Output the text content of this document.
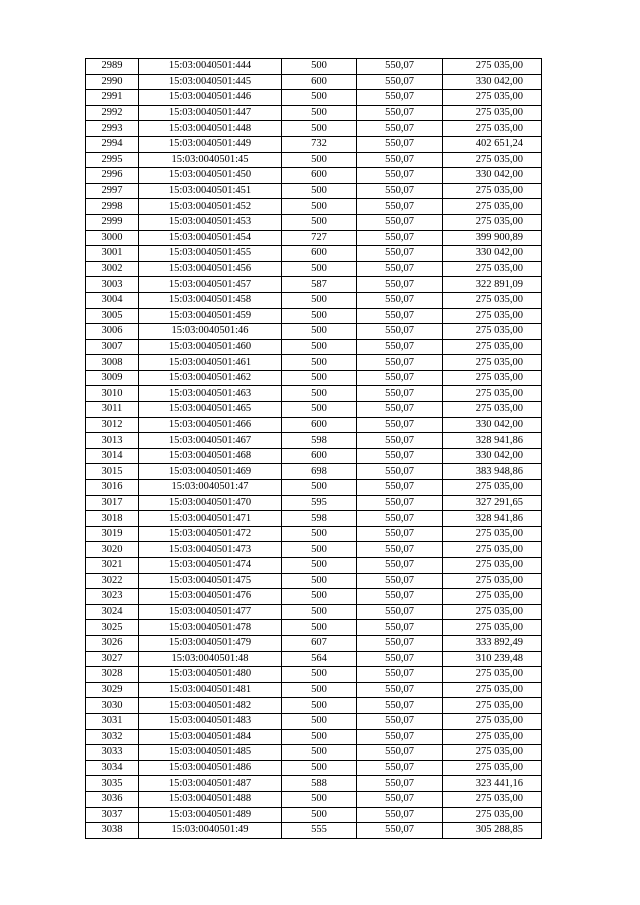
2989	15:03:0040501:444	500	550,07	275 035,00
2990	15:03:0040501:445	600	550,07	330 042,00
2991	15:03:0040501:446	500	550,07	275 035,00
2992	15:03:0040501:447	500	550,07	275 035,00
2993	15:03:0040501:448	500	550,07	275 035,00
2994	15:03:0040501:449	732	550,07	402 651,24
2995	15:03:0040501:45	500	550,07	275 035,00
2996	15:03:0040501:450	600	550,07	330 042,00
2997	15:03:0040501:451	500	550,07	275 035,00
2998	15:03:0040501:452	500	550,07	275 035,00
2999	15:03:0040501:453	500	550,07	275 035,00
3000	15:03:0040501:454	727	550,07	399 900,89
3001	15:03:0040501:455	600	550,07	330 042,00
3002	15:03:0040501:456	500	550,07	275 035,00
3003	15:03:0040501:457	587	550,07	322 891,09
3004	15:03:0040501:458	500	550,07	275 035,00
3005	15:03:0040501:459	500	550,07	275 035,00
3006	15:03:0040501:46	500	550,07	275 035,00
3007	15:03:0040501:460	500	550,07	275 035,00
3008	15:03:0040501:461	500	550,07	275 035,00
3009	15:03:0040501:462	500	550,07	275 035,00
3010	15:03:0040501:463	500	550,07	275 035,00
3011	15:03:0040501:465	500	550,07	275 035,00
3012	15:03:0040501:466	600	550,07	330 042,00
3013	15:03:0040501:467	598	550,07	328 941,86
3014	15:03:0040501:468	600	550,07	330 042,00
3015	15:03:0040501:469	698	550,07	383 948,86
3016	15:03:0040501:47	500	550,07	275 035,00
3017	15:03:0040501:470	595	550,07	327 291,65
3018	15:03:0040501:471	598	550,07	328 941,86
3019	15:03:0040501:472	500	550,07	275 035,00
3020	15:03:0040501:473	500	550,07	275 035,00
3021	15:03:0040501:474	500	550,07	275 035,00
3022	15:03:0040501:475	500	550,07	275 035,00
3023	15:03:0040501:476	500	550,07	275 035,00
3024	15:03:0040501:477	500	550,07	275 035,00
3025	15:03:0040501:478	500	550,07	275 035,00
3026	15:03:0040501:479	607	550,07	333 892,49
3027	15:03:0040501:48	564	550,07	310 239,48
3028	15:03:0040501:480	500	550,07	275 035,00
3029	15:03:0040501:481	500	550,07	275 035,00
3030	15:03:0040501:482	500	550,07	275 035,00
3031	15:03:0040501:483	500	550,07	275 035,00
3032	15:03:0040501:484	500	550,07	275 035,00
3033	15:03:0040501:485	500	550,07	275 035,00
3034	15:03:0040501:486	500	550,07	275 035,00
3035	15:03:0040501:487	588	550,07	323 441,16
3036	15:03:0040501:488	500	550,07	275 035,00
3037	15:03:0040501:489	500	550,07	275 035,00
3038	15:03:0040501:49	555	550,07	305 288,85
